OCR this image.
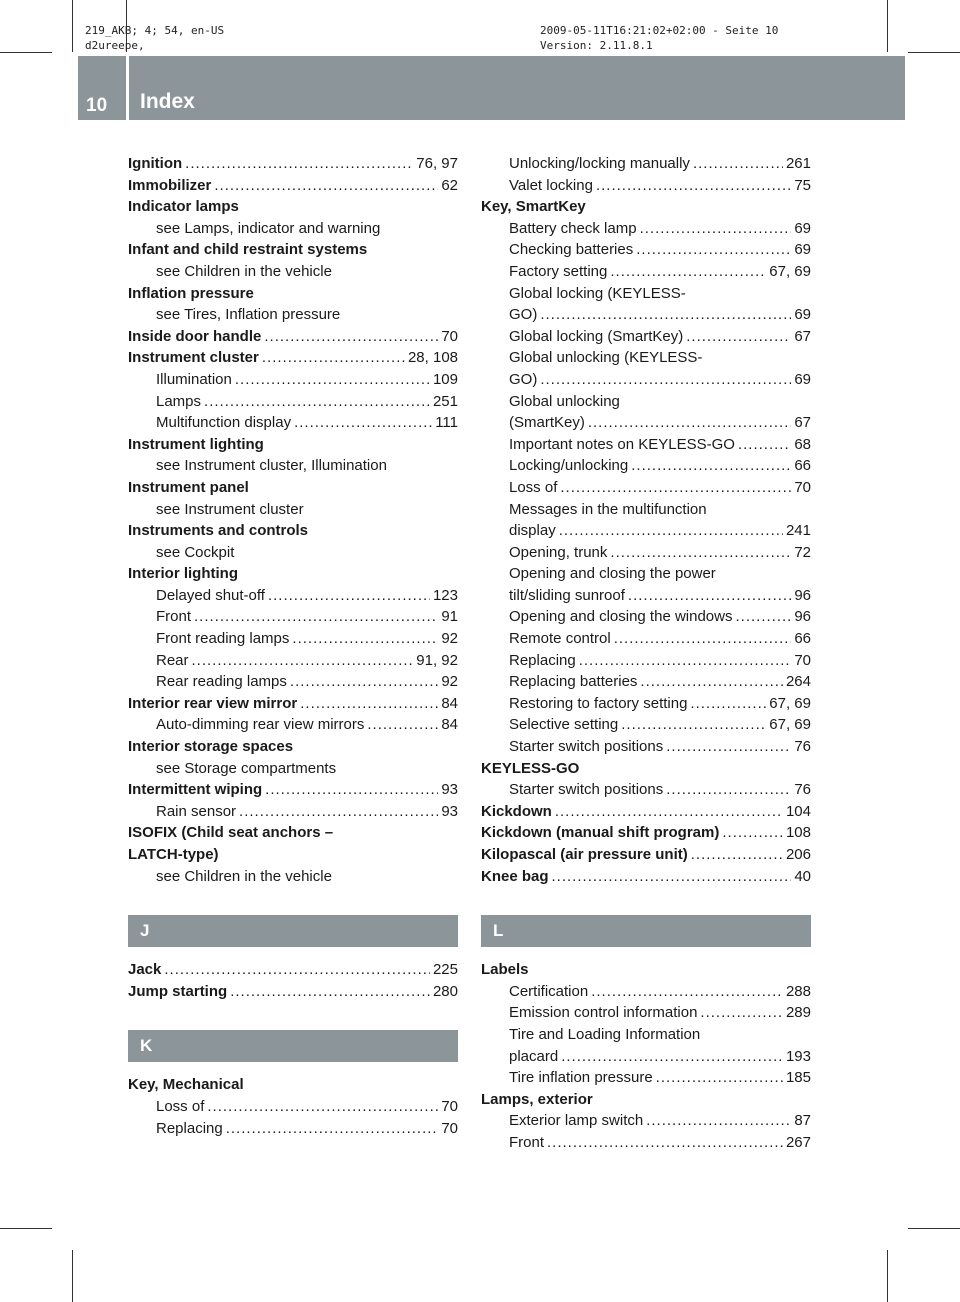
219_AKB; 4; 54, en-US
d2ureepe,
2009-05-11T16:21:02+02:00 - Seite 10
Version: 2.11.8.1
10 Index
Ignition .....	76, 97
Immobilizer .....	62
Indicator lamps
see Lamps, indicator and warning
Infant and child restraint systems
see Children in the vehicle
Inflation pressure
see Tires, Inflation pressure
Inside door handle .....	70
Instrument cluster .....	28, 108
Illumination .....	109
Lamps .....	251
Multifunction display .....	111
Instrument lighting
see Instrument cluster, Illumination
Instrument panel
see Instrument cluster
Instruments and controls
see Cockpit
Interior lighting
Delayed shut-off .....	123
Front .....	91
Front reading lamps .....	92
Rear .....	91, 92
Rear reading lamps .....	92
Interior rear view mirror .....	84
Auto-dimming rear view mirrors .....	84
Interior storage spaces
see Storage compartments
Intermittent wiping .....	93
Rain sensor .....	93
ISOFIX (Child seat anchors –
LATCH-type)
see Children in the vehicle
J
Jack .....	225
Jump starting .....	280
K
Key, Mechanical
Loss of .....	70
Replacing .....	70
Unlocking/locking manually .....	261
Valet locking .....	75
Key, SmartKey
Battery check lamp .....	69
Checking batteries .....	69
Factory setting .....	67, 69
Global locking (KEYLESS-
GO) .....	69
Global locking (SmartKey) .....	67
Global unlocking (KEYLESS-
GO) .....	69
Global unlocking
(SmartKey) .....	67
Important notes on KEYLESS-GO .....	68
Locking/unlocking .....	66
Loss of .....	70
Messages in the multifunction
display .....	241
Opening, trunk .....	72
Opening and closing the power
tilt/sliding sunroof .....	96
Opening and closing the windows .....	96
Remote control .....	66
Replacing .....	70
Replacing batteries .....	264
Restoring to factory setting .....	67, 69
Selective setting .....	67, 69
Starter switch positions .....	76
KEYLESS-GO
Starter switch positions .....	76
Kickdown .....	104
Kickdown (manual shift program) .....	108
Kilopascal (air pressure unit) .....	206
Knee bag .....	40
L
Labels
Certification .....	288
Emission control information .....	289
Tire and Loading Information
placard .....	193
Tire inflation pressure .....	185
Lamps, exterior
Exterior lamp switch .....	87
Front .....	267
